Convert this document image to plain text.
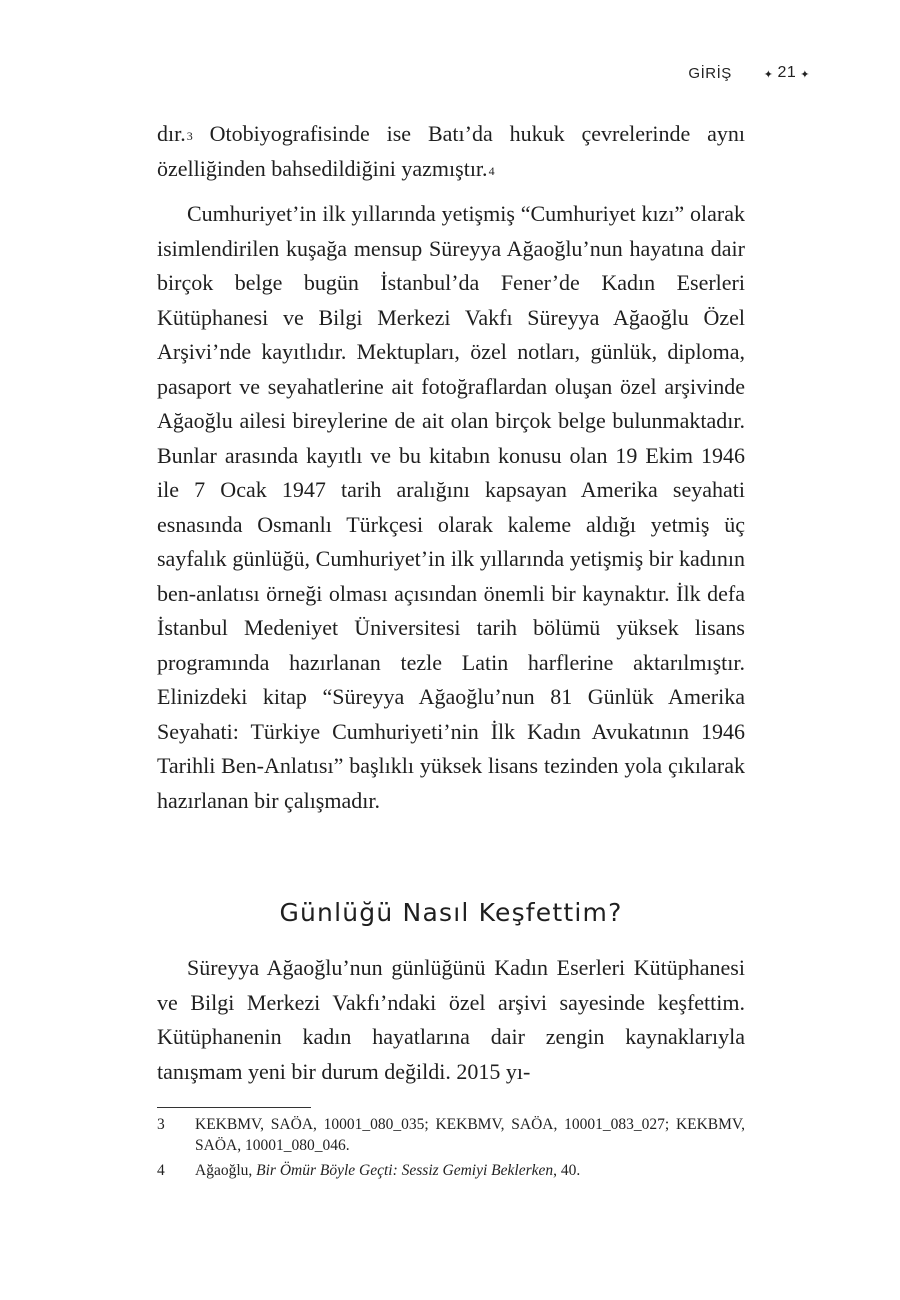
GİRİŞ	✦ 21 ✦

dır.$^3$ Otobiyografisinde ise Batı’da hukuk çevrelerinde aynı özelliğinden bahsedildiğini yazmıştır.$^4$

Cumhuriyet’in ilk yıllarında yetişmiş “Cumhuriyet kızı” olarak isimlendirilen kuşağa mensup Süreyya Ağaoğlu’nun hayatına dair birçok belge bugün İstanbul’da Fener’de Kadın Eserleri Kütüphanesi ve Bilgi Merkezi Vakfı Süreyya Ağaoğlu Özel Arşivi’nde kayıtlıdır. Mektupları, özel notları, günlük, diploma, pasaport ve seyahatlerine ait fotoğraflardan oluşan özel arşivinde Ağaoğlu ailesi bireylerine de ait olan birçok belge bulunmaktadır. Bunlar arasında kayıtlı ve bu kitabın konusu olan 19 Ekim 1946 ile 7 Ocak 1947 tarih aralığını kapsayan Amerika seyahati esnasında Osmanlı Türkçesi olarak kaleme aldığı yetmiş üç sayfalık günlüğü, Cumhuriyet’in ilk yıllarında yetişmiş bir kadının ben-anlatısı örneği olması açısından önemli bir kaynaktır. İlk defa İstanbul Medeniyet Üniversitesi tarih bölümü yüksek lisans programında hazırlanan tezle Latin harflerine aktarılmıştır. Elinizdeki kitap “Süreyya Ağaoğlu’nun 81 Günlük Amerika Seyahati: Türkiye Cumhuriyeti’nin İlk Kadın Avukatının 1946 Tarihli Ben-Anlatısı” başlıklı yüksek lisans tezinden yola çıkılarak hazırlanan bir çalışmadır.

Günlüğü Nasıl Keşfettim?

Süreyya Ağaoğlu’nun günlüğünü Kadın Eserleri Kütüphanesi ve Bilgi Merkezi Vakfı’ndaki özel arşivi sayesinde keşfettim. Kütüphanenin kadın hayatlarına dair zengin kaynaklarıyla tanışmam yeni bir durum değildi. 2015 yı-

3	KEKBMV, SAÖA, 10001_080_035; KEKBMV, SAÖA, 10001_083_027; KEKBMV, SAÖA, 10001_080_046.
4	Ağaoğlu, Bir Ömür Böyle Geçti: Sessiz Gemiyi Beklerken, 40.
